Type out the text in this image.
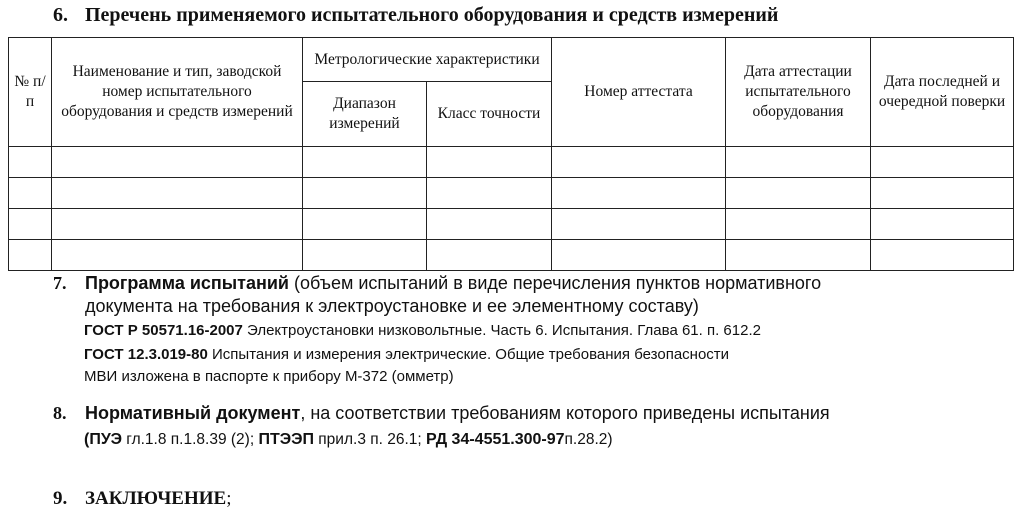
6. Перечень применяемого испытательного оборудования и средств измерений
№ п/п	Наименование и тип, заводской номер испытательного оборудования и средств измерений	Метрологические характеристики		Номер аттестата	Дата аттестации испытательного оборудования	Дата последней и очередной поверки
		Диапазон измерений	Класс точности			

7. Программа испытаний (объем испытаний в виде перечисления пунктов нормативного
документа на требования к электроустановке и ее элементному составу)
ГОСТ Р 50571.16-2007 Электроустановки низковольтные. Часть 6. Испытания. Глава 61. п. 612.2
ГОСТ 12.3.019-80 Испытания и измерения электрические. Общие требования безопасности
МВИ изложена в паспорте к прибору М-372 (омметр)
8. Нормативный документ, на соответствии требованиям которого приведены испытания
(ПУЭ гл.1.8 п.1.8.39 (2); ПТЭЭП прил.3 п. 26.1; РД 34-4551.300-97п.28.2)
9. ЗАКЛЮЧЕНИЕ;
